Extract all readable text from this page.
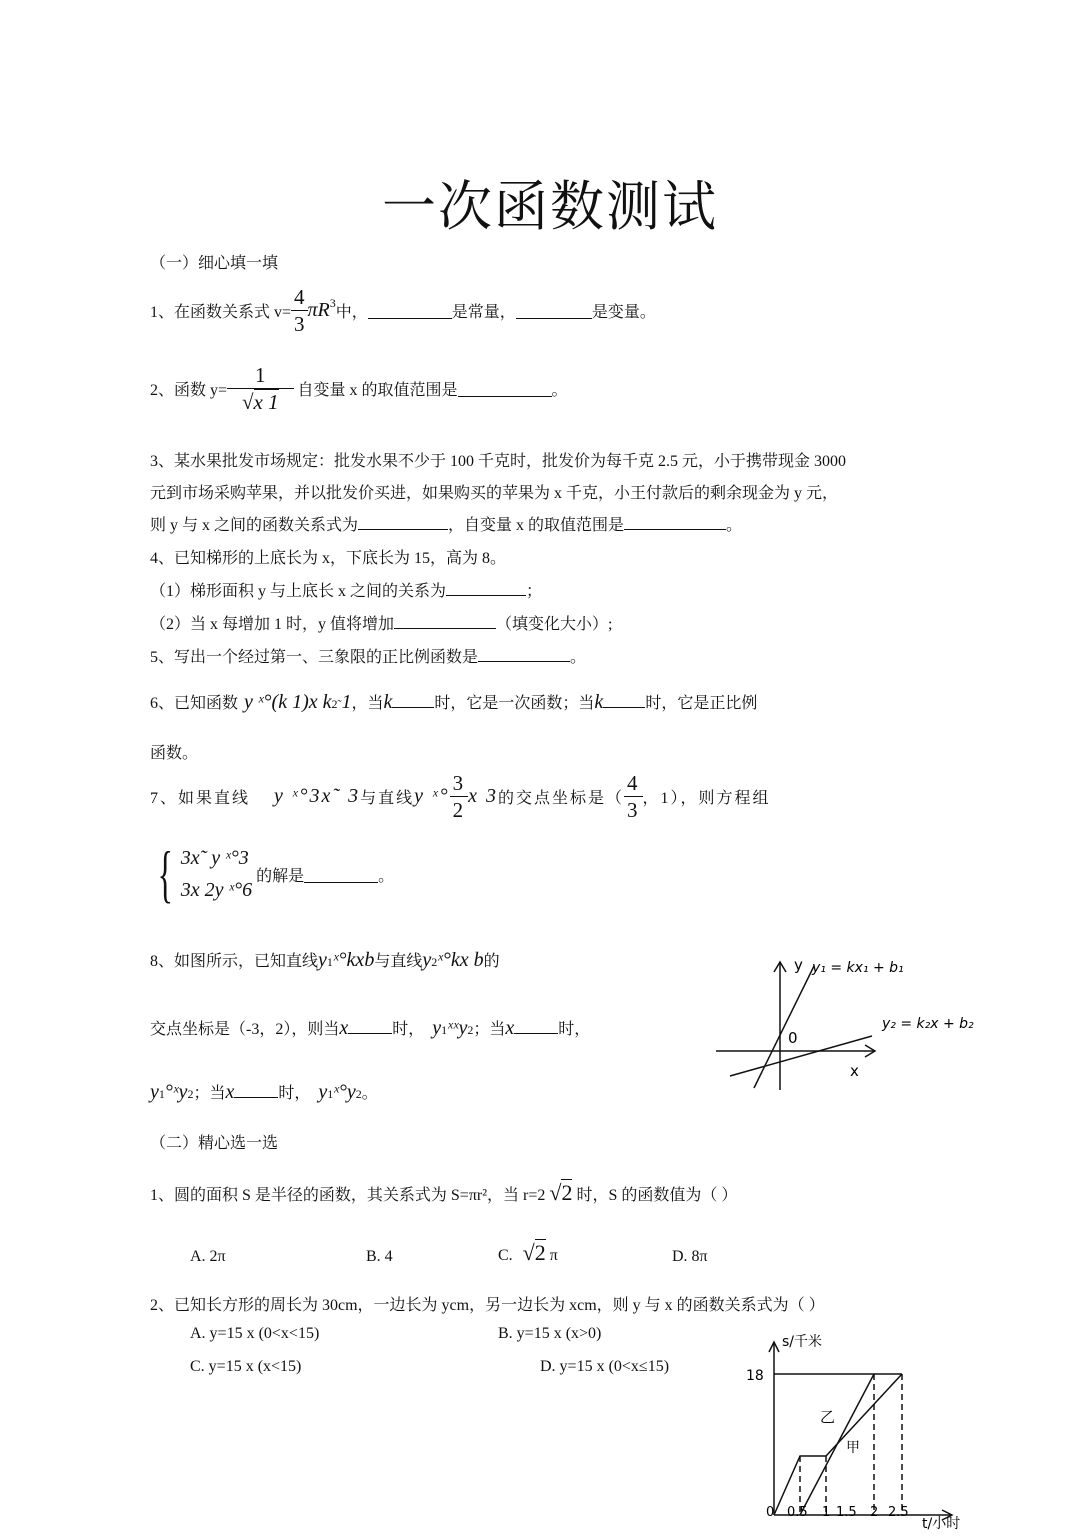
一次函数测试
（一）细心填一填
1、在函数关系式 $v= \frac{4}{3}$ πR 3
中，	是常量，	是变量。
2、函数 $y= \frac{1}{√x 1}$ 自变量 x 的取值范围是	。
3、某水果批发市场规定：批发水果不少于 100 千克时，批发价为每千克 2.5 元，小于携带现金 3000
元到市场采购苹果，并以批发价买进，如果购买的苹果为 x 千克，小王付款后的剩余现金为 y 元，
则 y 与 x 之间的函数关系式为	，自变量 x 的取值范围是	。
4、已知梯形的上底长为 x，下底长为 15，高为 8。
（1）梯形面积 y 与上底长 x 之间的关系为	；
（2）当 x 每增加 1 时，y 值将增加	（填变化大小）;
5、写出一个经过第一、三象限的正比例函数是	。
6、已知函数 y ˣ°(k 1)x k 2˜ 1 ，当 k	时，它是一次函数；当 k	时，它是正比例
函数。
7、如果直线 y ˣ°3x˜ 3 与直线 y ˣ° $\frac{3}{2}$ x 3 的交点坐标是（ $\frac{4}{3}$ ，1），则方程组
{ 3x˜ y ˣ°3
3x 2y ˣ°6
的解是	。
8、如图所示，已知直线 y 1 ˣ°kx b 与直线 y 2 ˣ°k x b 的
交点坐标是（-3，2），则当 x	时， y 1 ˣˣ y 2 ；当 x	时，
y 1 °ˣ y 2 ；当 x	时， y 1 ˣ° y 2 。
y
x
0
y₁ = kx₁ + b₁
y₂ = k₂x + b₂
（二）精心选一选
1、圆的面积 S 是半径的函数，其关系式为 S=πr²，当 r=2 √2 时，S 的函数值为（ ）
A. 2π	B. 4	C. √2 π	D. 8π
2、已知长方形的周长为 30cm，一边长为 ycm，另一边长为 xcm，则 y 与 x 的函数关系式为（ ）
A. y=15 x (0<x<15)	B. y=15 x (x>0)
C. y=15 x (x<15)	D. y=15 x (0<x≤15)
s/千米
18
乙
甲
0 0.5 1 1.5 2 2.5
t/小时
